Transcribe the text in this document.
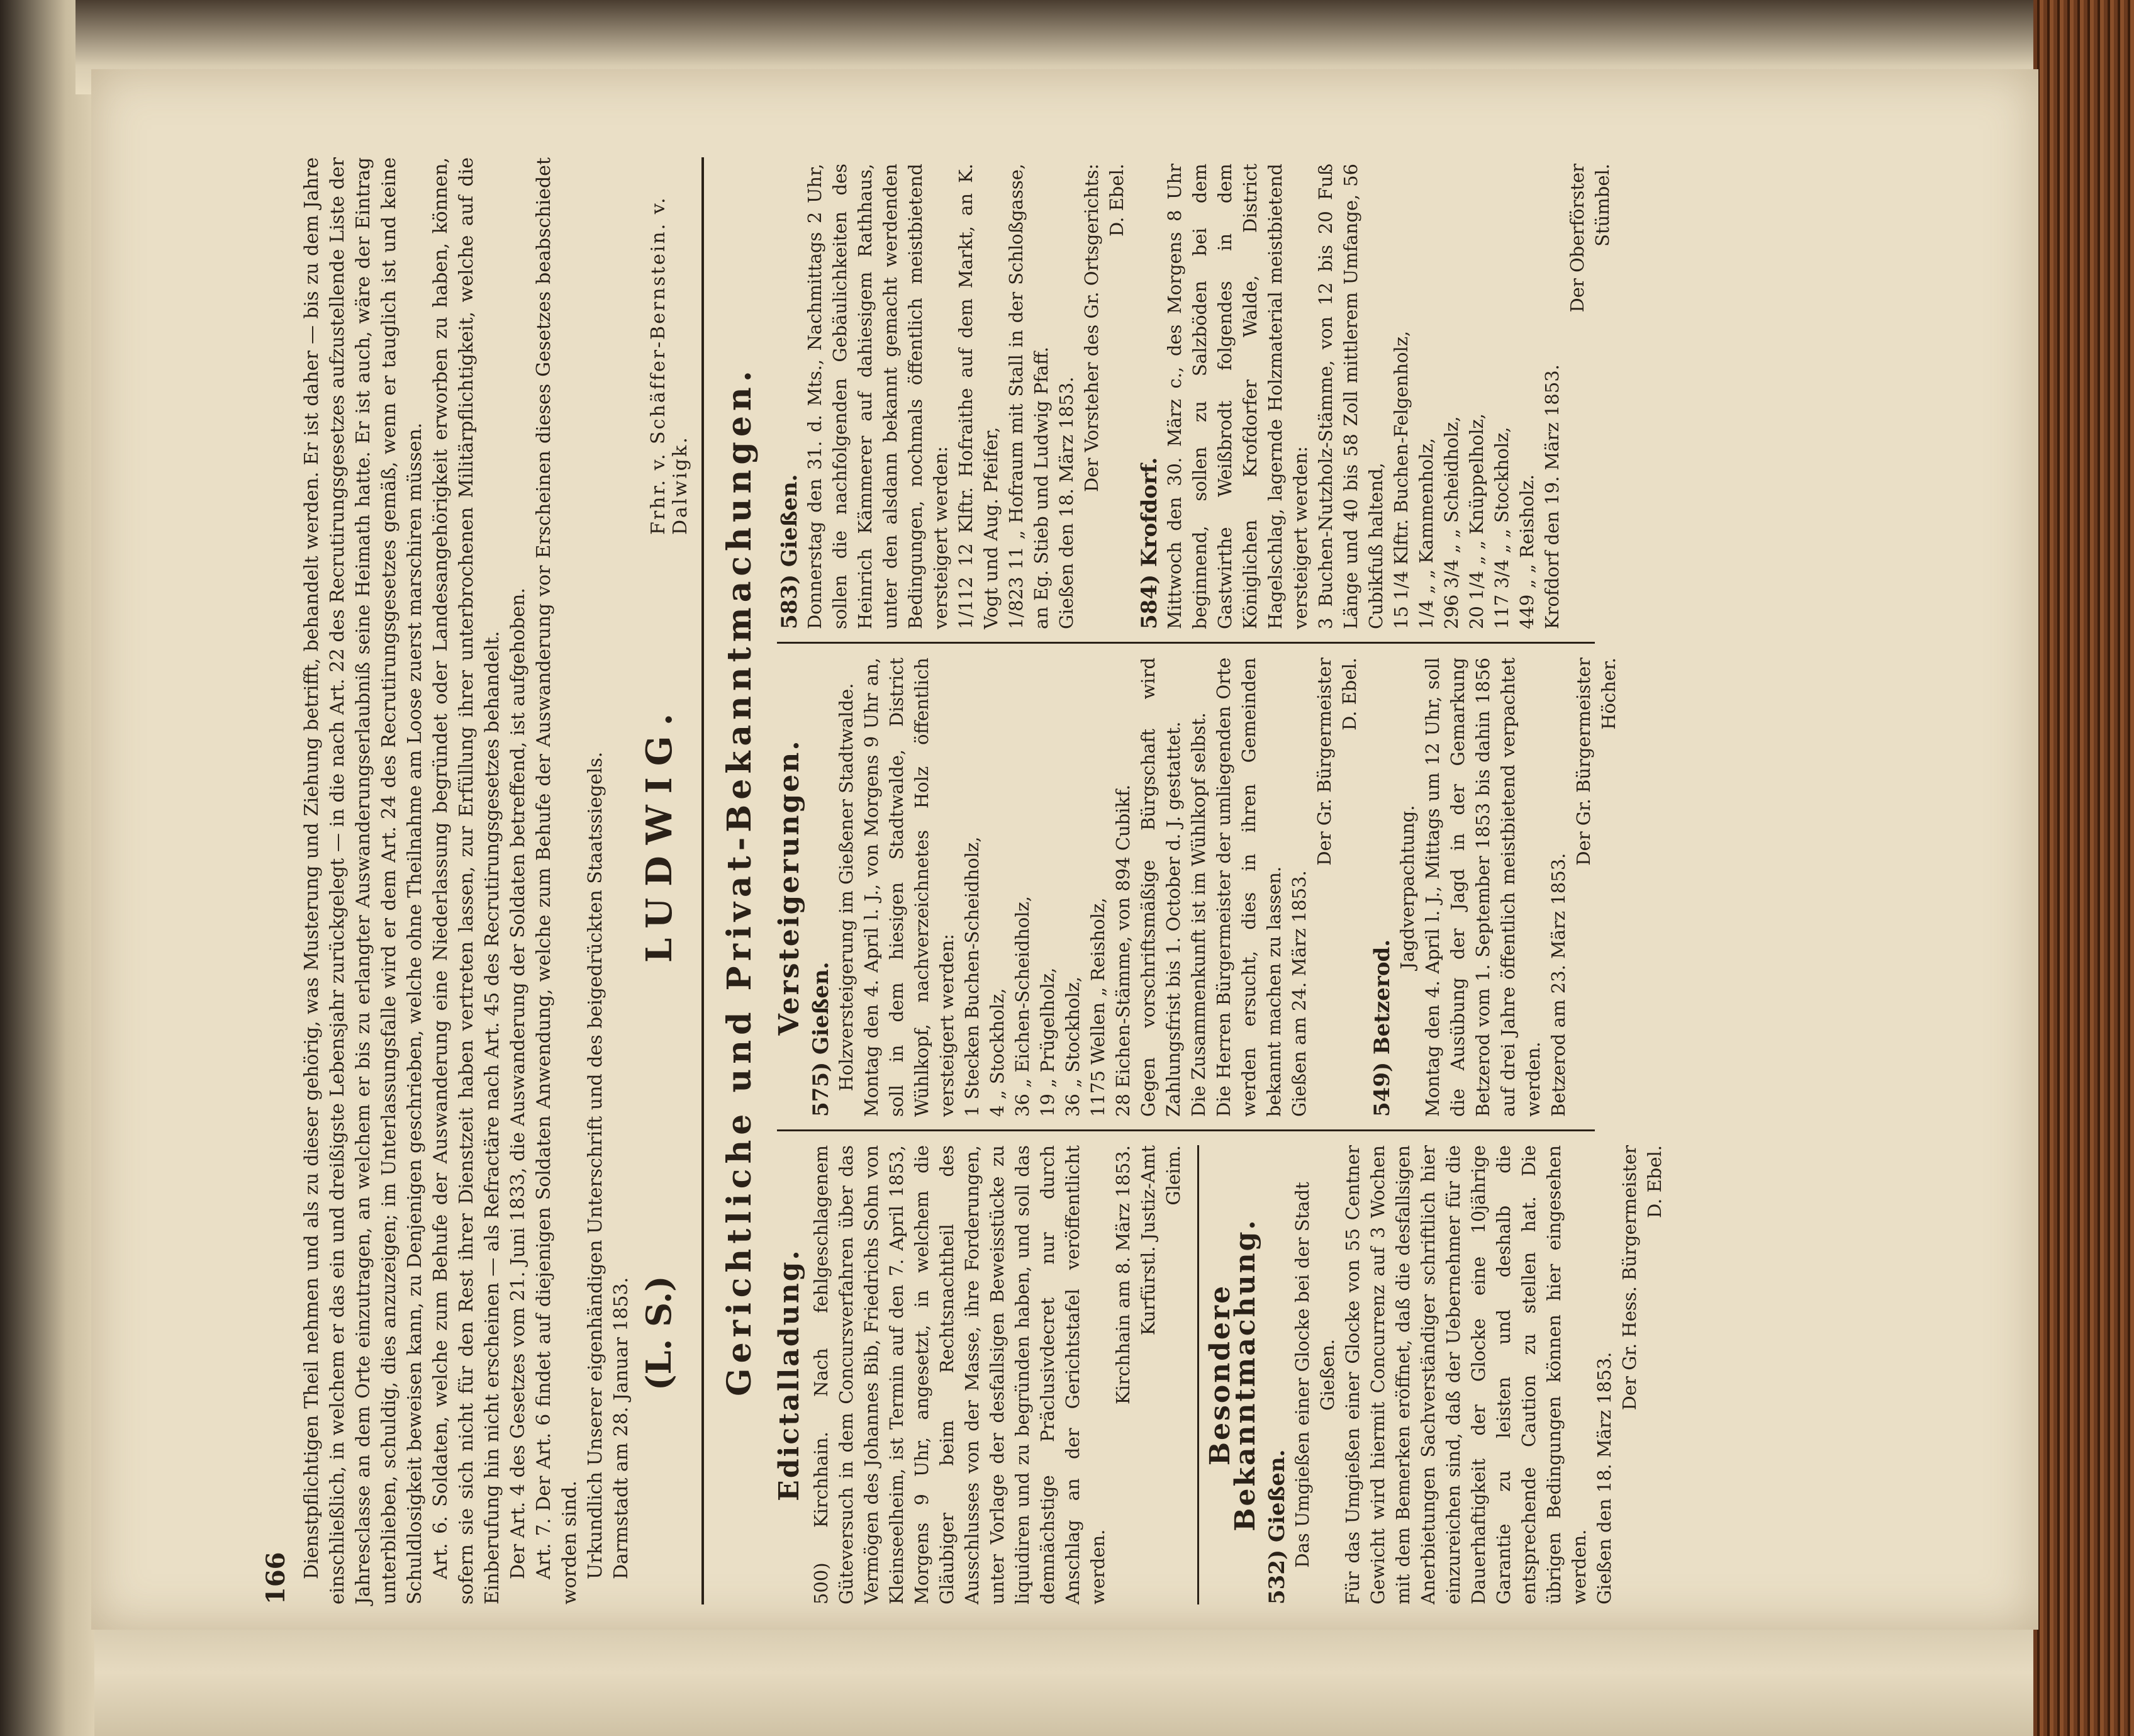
166 Dienstpflichtigen Theil nehmen und als zu dieser gehörig, was Musterung und Ziehung betrifft, behandelt werden. Er ist daher — bis zu dem Jahre einschließlich, in welchem er das ein und dreißigste Lebensjahr zurückgelegt — in die nach Art. 22 des Recrutirungsgesetzes aufzustellende Liste der Jahresclasse an dem Orte einzutragen, an welchem er bis zu erlangter Auswanderungserlaubniß seine Heimath hatte. Er ist auch, wäre der Eintrag unterblieben, schuldig, dies anzuzeigen; im Unterlassungsfalle wird er dem Art. 24 des Recrutirungsgesetzes gemäß, wenn er tauglich ist und keine Schuldlosigkeit beweisen kann, zu Denjenigen geschrieben, welche ohne Theilnahme am Loose zuerst marschiren müssen. Art. 6. Soldaten, welche zum Behufe der Auswanderung eine Niederlassung begründet oder Landesangehörigkeit erworben zu haben, können, sofern sie sich nicht für den Rest ihrer Dienstzeit haben vertreten lassen, zur Erfüllung ihrer unterbrochenen Militärpflichtigkeit, welche auf die Einberufung hin nicht erscheinen — als Refractäre nach Art. 45 des Recrutirungsgesetzes behandelt. Der Art. 4 des Gesetzes vom 21. Juni 1833, die Auswanderung der Soldaten betreffend, ist aufgehoben. Art. 7. Der Art. 6 findet auf diejenigen Soldaten Anwendung, welche zum Behufe der Auswanderung vor Erscheinen dieses Gesetzes beabschiedet worden sind. Urkundlich Unserer eigenhändigen Unterschrift und des beigedrückten Staatssiegels. Darmstadt am 28. Januar 1853. (L. S.)
LUDWIG.
Frhr. v. Schäffer-Bernstein. v. Dalwigk. Gerichtliche und Privat-Bekanntmachungen. Edictalladung. 500) Kirchhain. Nach fehlgeschlagenem Güteversuch in dem Concursverfahren über das Vermögen des Johannes Bib, Friedrichs Sohn von Kleinseelheim, ist Termin auf den 7. April 1853, Morgens 9 Uhr, angesetzt, in welchem die Gläubiger beim Rechtsnachtheil des Ausschlusses von der Masse, ihre Forderungen, unter Vorlage der desfallsigen Beweisstücke zu liquidiren und zu begründen haben, und soll das demnächstige Präclusivdecret nur durch Anschlag an der Gerichtstafel veröffentlicht werden.

Kirchhain am 8. März 1853. Kurfürstl. Justiz-Amt Gleim.

Besondere Bekanntmachung. 532) Gießen. Das Umgießen einer Glocke bei der Stadt Gießen. Für das Umgießen einer Glocke von 55 Centner Gewicht wird hiermit Concurrenz auf 3 Wochen mit dem Bemerken eröffnet, daß die desfallsigen Anerbietungen Sachverständiger schriftlich hier einzureichen sind, daß der Uebernehmer für die Dauerhaftigkeit der Glocke eine 10jährige Garantie zu leisten und deshalb die entsprechende Caution zu stellen hat. Die übrigen Bedingungen können hier eingesehen werden. Gießen den 18. März 1853.

Der Gr. Hess. Bürgermeister D. Ebel.

Versteigerungen.

575) Gießen. Holzversteigerung im Gießener Stadtwalde. Montag den 4. April l. J., von Morgens 9 Uhr an, soll in dem hiesigen Stadtwalde, District Wühlkopf, nachverzeichnetes Holz öffentlich versteigert werden: 1 Stecken Buchen-Scheidholz, 4 „ Stockholz, 36 „ Eichen-Scheidholz, 19 „ Prügelholz, 36 „ Stockholz, 1175 Wellen „ Reisholz, 28 Eichen-Stämme, von 894 Cubikf. Gegen vorschriftsmäßige Bürgschaft wird Zahlungsfrist bis 1. October d. J. gestattet. Die Zusammenkunft ist im Wühlkopf selbst. Die Herren Bürgermeister der umliegenden Orte werden ersucht, dies in ihren Gemeinden bekannt machen zu lassen. Gießen am 24. März 1853.

Der Gr. Bürgermeister D. Ebel.

549) Betzerod.

Jagdverpachtung. Montag den 4. April l. J., Mittags um 12 Uhr, soll die Ausübung der Jagd in der Gemarkung Betzerod vom 1. September 1853 bis dahin 1856 auf drei Jahre öffentlich meistbietend verpachtet werden. Betzerod am 23. März 1853.

Der Gr. Bürgermeister Höcher.

583) Gießen. Donnerstag den 31. d. Mts., Nachmittags 2 Uhr, sollen die nachfolgenden Gebäulichkeiten des Heinrich Kämmerer auf dahiesigem Rathhaus, unter den alsdann bekannt gemacht werdenden Bedingungen, nochmals öffentlich meistbietend versteigert werden: 1/112 12 Klftr. Hofraithe auf dem Markt, an K. Vogt und Aug. Pfeifer, 1/823 11 „ Hofraum mit Stall in der Schloßgasse, an Eg. Stieb und Ludwig Pfaff. Gießen den 18. März 1853.

Der Vorsteher des Gr. Ortsgerichts: D. Ebel.

584) Krofdorf. Mittwoch den 30. März c., des Morgens 8 Uhr beginnend, sollen zu Salzböden bei dem Gastwirthe Weißbrodt folgendes in dem Königlichen Krofdorfer Walde, District Hagelschlag, lagernde Holzmaterial meistbietend versteigert werden: 3 Buchen-Nutzholz-Stämme, von 12 bis 20 Fuß Länge und 40 bis 58 Zoll mittlerem Umfange, 56 Cubikfuß haltend, 15 1/4 Klftr. Buchen-Felgenholz, 1/4 „ „ Kammenholz, 296 3/4 „ „ Scheidholz, 20 1/4 „ „ Knüppelholz, 117 3/4 „ „ Stockholz, 449 „ „ Reisholz. Krofdorf den 19. März 1853.

Der Oberförster Stümbel.
